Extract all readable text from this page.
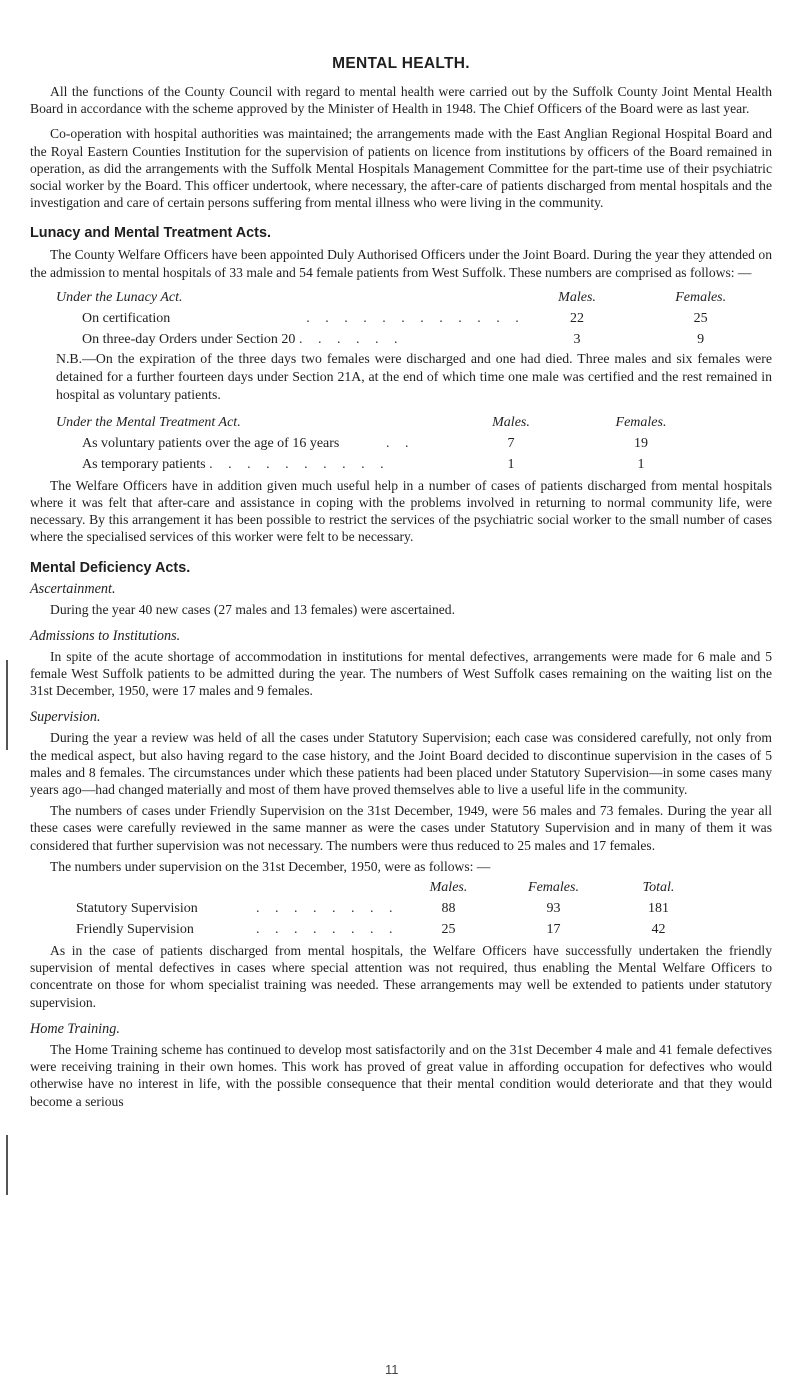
MENTAL HEALTH.

All the functions of the County Council with regard to mental health were carried out by the Suffolk County Joint Mental Health Board in accordance with the scheme approved by the Minister of Health in 1948. The Chief Officers of the Board were as last year.

Co-operation with hospital authorities was maintained; the arrangements made with the East Anglian Regional Hospital Board and the Royal Eastern Counties Institution for the supervision of patients on licence from institutions by officers of the Board remained in operation, as did the arrangements with the Suffolk Mental Hospitals Management Committee for the part-time use of their psychiatric social worker by the Board. This officer undertook, where necessary, the after-care of patients discharged from mental hospitals and the investigation and care of certain persons suffering from mental illness who were living in the community.

Lunacy and Mental Treatment Acts.

The County Welfare Officers have been appointed Duly Authorised Officers under the Joint Board. During the year they attended on the admission to mental hospitals of 33 male and 54 female patients from West Suffolk. These numbers are comprised as follows: —

Under the Lunacy Act.		Males.	Females.
On certification	. . . . . . . . . . . .	22	25
On three-day Orders under Section 20 . . . . . .		3	9
N.B.—On the expiration of the three days two females were discharged and one had died. Three males and six females were detained for a further fourteen days under Section 21A, at the end of which time one male was certified and the rest remained in hospital as voluntary patients.
Under the Mental Treatment Act.		Males.	Females.
As voluntary patients over the age of 16 years	. .	7	19
As temporary patients . . . . . . . . . .		1	1

The Welfare Officers have in addition given much useful help in a number of cases of patients discharged from mental hospitals where it was felt that after-care and assistance in coping with the problems involved in returning to normal community life, were necessary. By this arrangement it has been possible to restrict the services of the psychiatric social worker to the small number of cases where the specialised services of this worker were felt to be necessary.

Mental Deficiency Acts.
Ascertainment.

During the year 40 new cases (27 males and 13 females) were ascertained.

Admissions to Institutions.

In spite of the acute shortage of accommodation in institutions for mental defectives, arrangements were made for 6 male and 5 female West Suffolk patients to be admitted during the year. The numbers of West Suffolk cases remaining on the waiting list on the 31st December, 1950, were 17 males and 9 females.

Supervision.

During the year a review was held of all the cases under Statutory Supervision; each case was considered carefully, not only from the medical aspect, but also having regard to the case history, and the Joint Board decided to discontinue supervision in the cases of 5 males and 8 females. The circumstances under which these patients had been placed under Statutory Supervision—in some cases many years ago—had changed materially and most of them have proved themselves able to live a useful life in the community.

The numbers of cases under Friendly Supervision on the 31st December, 1949, were 56 males and 73 females. During the year all these cases were carefully reviewed in the same manner as were the cases under Statutory Supervision and in many of them it was considered that further supervision was not necessary. The numbers were thus reduced to 25 males and 17 females.

The numbers under supervision on the 31st December, 1950, were as follows: —

		Males.	Females.	Total.
Statutory Supervision	. . . . . . . .	88	93	181
Friendly Supervision	. . . . . . . .	25	17	42

As in the case of patients discharged from mental hospitals, the Welfare Officers have successfully undertaken the friendly supervision of mental defectives in cases where special attention was not required, thus enabling the Mental Welfare Officers to concentrate on those for whom specialist training was needed. These arrangements may well be extended to patients under statutory supervision.

Home Training.

The Home Training scheme has continued to develop most satisfactorily and on the 31st December 4 male and 41 female defectives were receiving training in their own homes. This work has proved of great value in affording occupation for defectives who would otherwise have no interest in life, with the possible consequence that their mental condition would deteriorate and that they would become a serious

11
